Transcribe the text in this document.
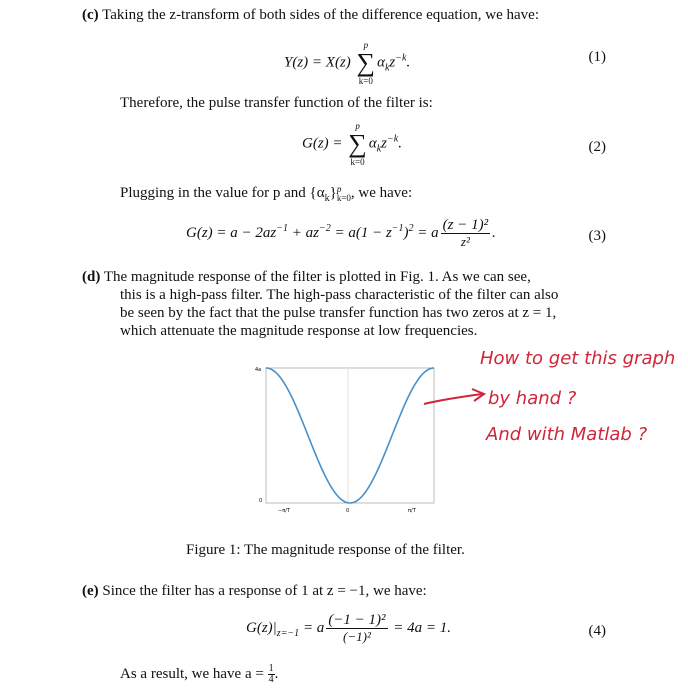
(c) Taking the z-transform of both sides of the difference equation, we have:
Y(z) = X(z)
p
∑
k=0
$\alpha_kz^{-k}$.	(1)
Therefore, the pulse transfer function of the filter is:
G(z) =
p
∑
k=0
$\alpha_kz^{-k}$.	(2)
Plugging in the value for p and $\{\alpha_k\}$ p
k=0 , we have:
$G(z) = a - 2az^{-1} + az^{-2} = a(1 - z^{-1})^2 = a \frac{\text{(z − 1)²}}{\text{z²}}$ .	(3)
(d) The magnitude response of the filter is plotted in Fig. 1. As we can see,
this is a high-pass filter. The high-pass characteristic of the filter can also
be seen by the fact that the pulse transfer function has two zeros at z = 1,
which attenuate the magnitude response at low frequencies.
4a
0
−π/T	0	π/T
How to get this graph
by hand ?
And with Matlab ?
Figure 1: The magnitude response of the filter.
(e) Since the filter has a response of 1 at z = −1, we have:
$G(z)|_{z=-1} = a \frac{\text{(−1 − 1)²}}{\text{(−1)²}} = 4a = 1$.	(4)
As a result, we have $a = \frac{1}{4}$ .
